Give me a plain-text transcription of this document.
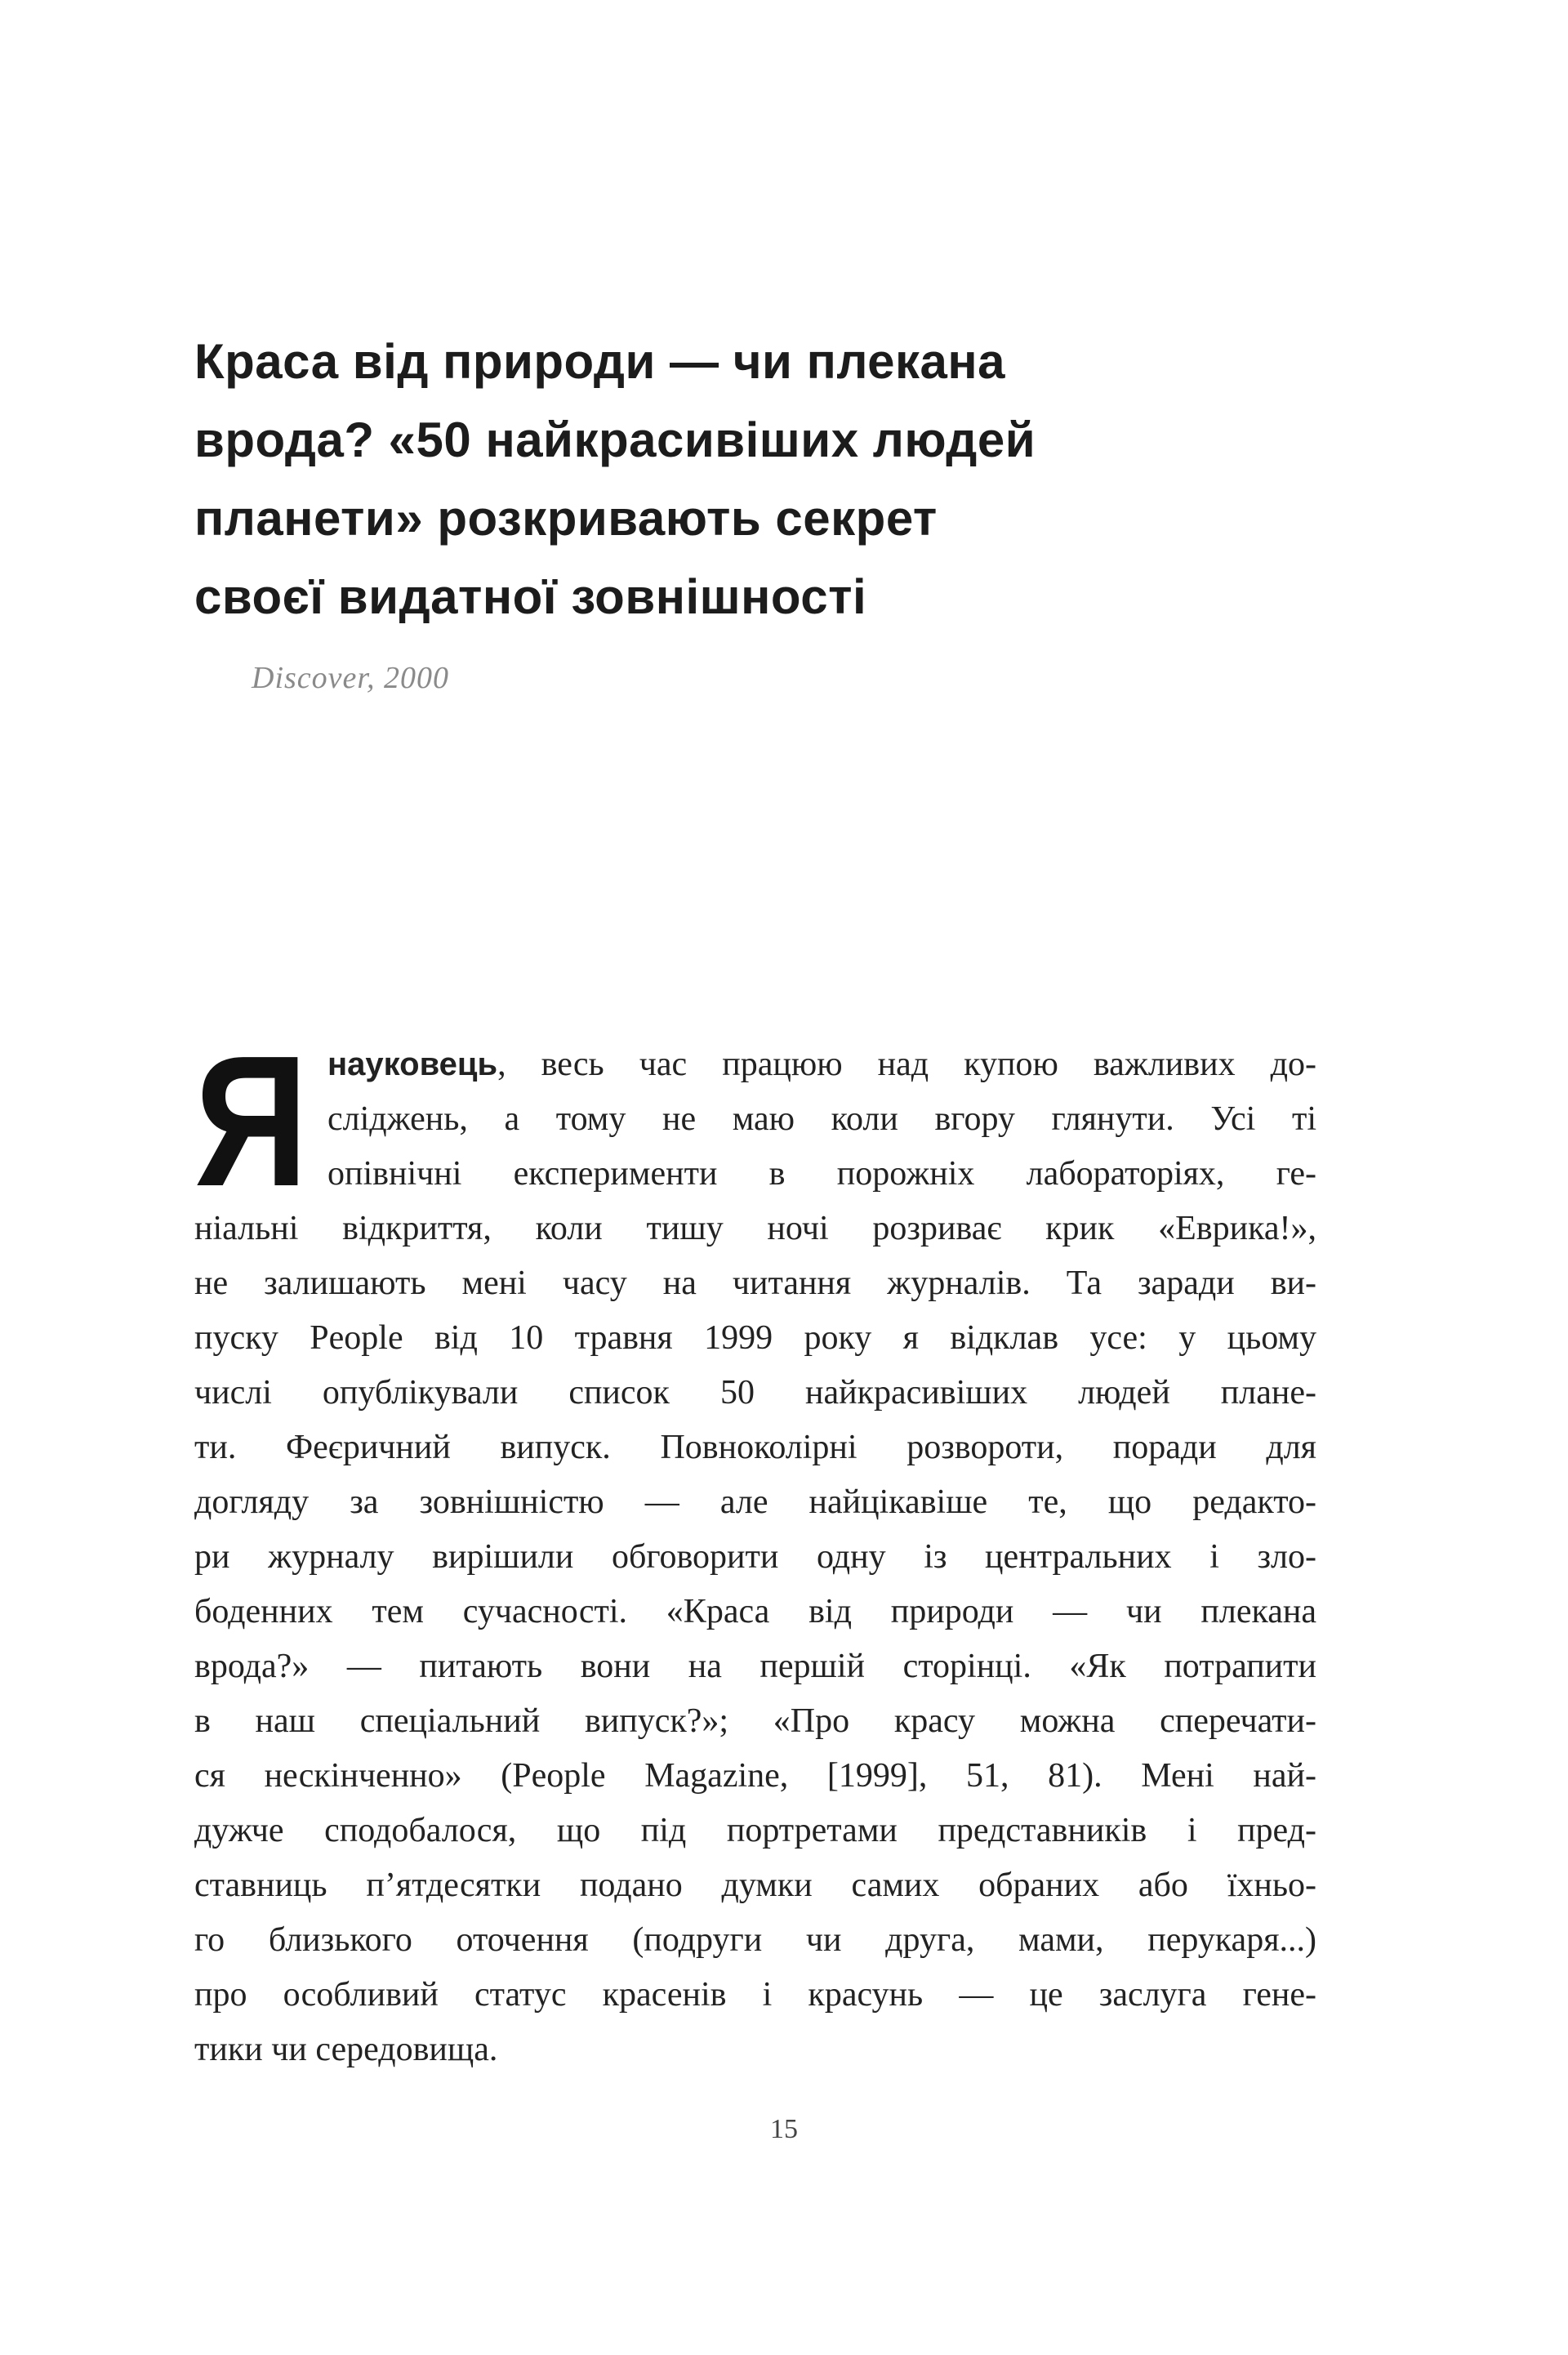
Краса від природи — чи плекана
врода? «50 найкрасивіших людей
планети» розкривають секрет
своєї видатної зовнішності
Discover, 2000
Я науковець, весь час працюю над купою важливих до-
сліджень, а тому не маю коли вгору глянути. Усі ті
опівнічні експерименти в порожніх лабораторіях, ге-
ніальні відкриття, коли тишу ночі розриває крик «Еврика!»,
не залишають мені часу на читання журналів. Та заради ви-
пуску People від 10 травня 1999 року я відклав усе: у цьому
числі опублікували список 50 найкрасивіших людей плане-
ти. Феєричний випуск. Повноколірні розвороти, поради для
догляду за зовнішністю — але найцікавіше те, що редакто-
ри журналу вирішили обговорити одну із центральних і зло-
боденних тем сучасності. «Краса від природи — чи плекана
врода?» — питають вони на першій сторінці. «Як потрапити
в наш спеціальний випуск?»; «Про красу можна сперечати-
ся нескінченно» (People Magazine, [1999], 51, 81). Мені най-
дужче сподобалося, що під портретами представників і пред-
ставниць п’ятдесятки подано думки самих обраних або їхньо-
го близького оточення (подруги чи друга, мами, перукаря...)
про особливий статус красенів і красунь — це заслуга гене-
тики чи середовища.
15
